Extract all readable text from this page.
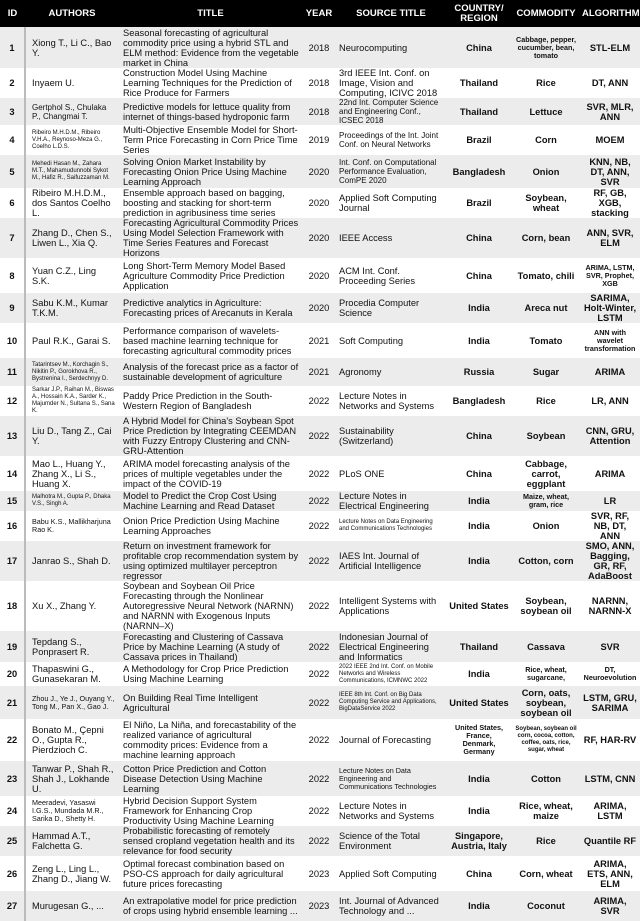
ID	AUTHORS	TITLE	YEAR	SOURCE TITLE	COUNTRY/ REGION	COMMODITY	ALGORITHM
1	Xiong T., Li C., Bao Y.	Seasonal forecasting of agricultural commodity price using a hybrid STL and ELM method: Evidence from the vegetable market in China	2018	Neurocomputing	China	Cabbage, pepper, cucumber, bean, tomato	STL-ELM
2	Inyaem U.	Construction Model Using Machine Learning Techniques for the Prediction of Rice Produce for Farmers	2018	3rd IEEE Int. Conf. on Image, Vision and Computing, ICIVC 2018	Thailand	Rice	DT, ANN
3	Gertphol S., Chulaka P., Changmai T.	Predictive models for lettuce quality from internet of things-based hydroponic farm	2018	22nd Int. Computer Science and Engineering Conf., ICSEC 2018	Thailand	Lettuce	SVR, MLR, ANN
4	Ribeiro M.H.D.M., Ribeiro V.H.A., Reynoso-Meza G., Coelho L.D.S.	Multi-Objective Ensemble Model for Short-Term Price Forecasting in Corn Price Time Series	2019	Proceedings of the Int. Joint Conf. on Neural Networks	Brazil	Corn	MOEM
5	Mehedi Hasan M., Zahara M.T., Mahamudunnobi Sykot M., Hafiz R., Saifuzzaman M.	Solving Onion Market Instability by Forecasting Onion Price Using Machine Learning Approach	2020	Int. Conf. on Computational Performance Evaluation, ComPE 2020	Bangladesh	Onion	KNN, NB, DT, ANN, SVR
6	Ribeiro M.H.D.M., dos Santos Coelho L.	Ensemble approach based on bagging, boosting and stacking for short-term prediction in agribusiness time series	2020	Applied Soft Computing Journal	Brazil	Soybean, wheat	RF, GB, XGB, stacking
7	Zhang D., Chen S., Liwen L., Xia Q.	Forecasting Agricultural Commodity Prices Using Model Selection Framework with Time Series Features and Forecast Horizons	2020	IEEE Access	China	Corn, bean	ANN, SVR, ELM
8	Yuan C.Z., Ling S.K.	Long Short-Term Memory Model Based Agriculture Commodity Price Prediction Application	2020	ACM Int. Conf. Proceeding Series	China	Tomato, chili	ARIMA, LSTM, SVR, Prophet, XGB
9	Sabu K.M., Kumar T.K.M.	Predictive analytics in Agriculture: Forecasting prices of Arecanuts in Kerala	2020	Procedia Computer Science	India	Areca nut	SARIMA, Holt-Winter, LSTM
10	Paul R.K., Garai S.	Performance comparison of wavelets-based machine learning technique for forecasting agricultural commodity prices	2021	Soft Computing	India	Tomato	ANN with wavelet transformation
11	Tatarintsev M., Korchagin S., Nikitin P., Gorokhova R., Bystrenina I., Serdechnyy D.	Analysis of the forecast price as a factor of sustainable development of agriculture	2021	Agronomy	Russia	Sugar	ARIMA
12	Sarkar J.P., Raihan M., Biswas A., Hossain K.A., Sarder K., Majumder N., Sultana S., Sana K.	Paddy Price Prediction in the South-Western Region of Bangladesh	2022	Lecture Notes in Networks and Systems	Bangladesh	Rice	LR, ANN
13	Liu D., Tang Z., Cai Y.	A Hybrid Model for China's Soybean Spot Price Prediction by Integrating CEEMDAN with Fuzzy Entropy Clustering and CNN-GRU-Attention	2022	Sustainability (Switzerland)	China	Soybean	CNN, GRU, Attention
14	Mao L., Huang Y., Zhang X., Li S., Huang X.	ARIMA model forecasting analysis of the prices of multiple vegetables under the impact of the COVID-19	2022	PLoS ONE	China	Cabbage, carrot, eggplant	ARIMA
15	Malhotra M., Gupta P., Dhaka V.S., Singh A.	Model to Predict the Crop Cost Using Machine Learning and Read Dataset	2022	Lecture Notes in Electrical Engineering	India	Maize, wheat, gram, rice	LR
16	Babu K.S., Mallikharjuna Rao K.	Onion Price Prediction Using Machine Learning Approaches	2022	Lecture Notes on Data Engineering and Communications Technologies	India	Onion	SVR, RF, NB, DT, ANN
17	Janrao S., Shah D.	Return on investment framework for profitable crop recommendation system by using optimized multilayer perceptron regressor	2022	IAES Int. Journal of Artificial Intelligence	India	Cotton, corn	SMO, ANN, Bagging, GR, RF, AdaBoost
18	Xu X., Zhang Y.	Soybean and Soybean Oil Price Forecasting through the Nonlinear Autoregressive Neural Network (NARNN) and NARNN with Exogenous Inputs (NARNN–X)	2022	Intelligent Systems with Applications	United States	Soybean, soybean oil	NARNN, NARNN-X
19	Tepdang S., Ponprasert R.	Forecasting and Clustering of Cassava Price by Machine Learning (A study of Cassava prices in Thailand)	2022	Indonesian Journal of Electrical Engineering and Informatics	Thailand	Cassava	SVR
20	Thapaswini G., Gunasekaran M.	A Methodology for Crop Price Prediction Using Machine Learning	2022	2022 IEEE 2nd Int. Conf. on Mobile Networks and Wireless Communications, ICMNWC 2022	India	Rice, wheat, sugarcane,	DT, Neuroevolution
21	Zhou J., Ye J., Ouyang Y., Tong M., Pan X., Gao J.	On Building Real Time Intelligent Agricultural	2022	IEEE 8th Int. Conf. on Big Data Computing Service and Applications, BigDataService 2022	United States	Corn, oats, soybean, soybean oil	LSTM, GRU, SARIMA
22	Bonato M., Çepni O., Gupta R., Pierdzioch C.	El Niño, La Niña, and forecastability of the realized variance of agricultural commodity prices: Evidence from a machine learning approach	2022	Journal of Forecasting	United States, France, Denmark, Germany	Soybean, soybean oil corn, cocoa, cotton, coffee, oats, rice, sugar, wheat	RF, HAR-RV
23	Tanwar P., Shah R., Shah J., Lokhande U.	Cotton Price Prediction and Cotton Disease Detection Using Machine Learning	2022	Lecture Notes on Data Engineering and Communications Technologies	India	Cotton	LSTM, CNN
24	Meeradevi, Yasaswi I.G.S., Mundada M.R., Sarika D., Shetty H.	Hybrid Decision Support System Framework for Enhancing Crop Productivity Using Machine Learning	2022	Lecture Notes in Networks and Systems	India	Rice, wheat, maize	ARIMA, LSTM
25	Hammad A.T., Falchetta G.	Probabilistic forecasting of remotely sensed cropland vegetation health and its relevance for food security	2022	Science of the Total Environment	Singapore, Austria, Italy	Rice	Quantile RF
26	Zeng L., Ling L., Zhang D., Jiang W.	Optimal forecast combination based on PSO-CS approach for daily agricultural future prices forecasting	2023	Applied Soft Computing	China	Corn, wheat	ARIMA, ETS, ANN, ELM
27	Murugesan G., ...	An extrapolative model for price prediction of crops using hybrid ensemble learning ...	2023	Int. Journal of Advanced Technology and ...	India	Coconut	ARIMA, SVR
